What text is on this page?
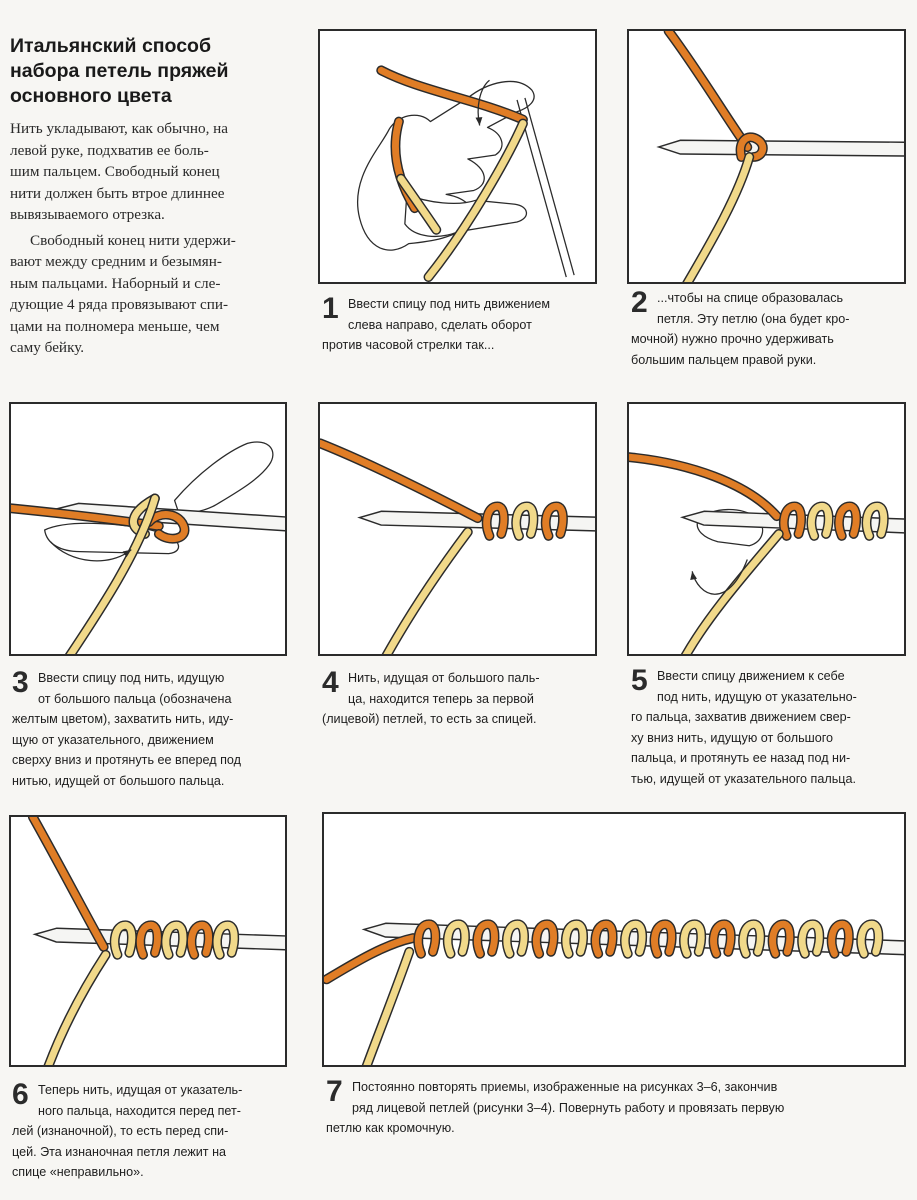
Итальянский способ
набора петель пряжей
основного цвета

Нить укладывают, как обычно, на
левой руке, подхватив ее боль-
шим пальцем. Свободный конец
нити должен быть втрое длиннее
вывязываемого отрезка.

Свободный конец нити удержи-
вают между средним и безымян-
ным пальцами. Наборный и сле-
дующие 4 ряда провязывают спи-
цами на полномера меньше, чем
саму бейку.

1 Ввести спицу под нить движением
слева направо, сделать оборот
против часовой стрелки так...
2 ...чтобы на спице образовалась
петля. Эту петлю (она будет кро-
мочной) нужно прочно удерживать
большим пальцем правой руки.
3 Ввести спицу под нить, идущую
от большого пальца (обозначена
желтым цветом), захватить нить, иду-
щую от указательного, движением
сверху вниз и протянуть ее вперед под
нитью, идущей от большого пальца.
4 Нить, идущая от большого паль-
ца, находится теперь за первой
(лицевой) петлей, то есть за спицей.
5 Ввести спицу движением к себе
под нить, идущую от указательно-
го пальца, захватив движением свер-
ху вниз нить, идущую от большого
пальца, и протянуть ее назад под ни-
тью, идущей от указательного пальца.
6 Теперь нить, идущая от указатель-
ного пальца, находится перед пет-
лей (изнаночной), то есть перед спи-
цей. Эта изнаночная петля лежит на
спице «неправильно».
7 Постоянно повторять приемы, изображенные на рисунках 3–6, закончив
ряд лицевой петлей (рисунки 3–4). Повернуть работу и провязать первую
петлю как кромочную.
